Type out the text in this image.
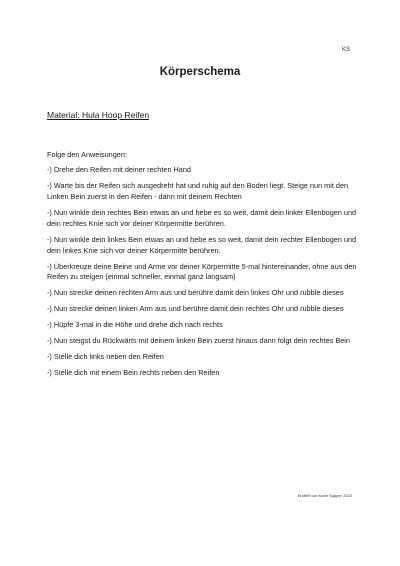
KS
Körperschema

Material: Hula Hoop Reifen

Folge den Anweisungen:

-) Drehe den Reifen mit deiner rechten Hand

-) Warte bis der Reifen sich ausgedreht hat und ruhig auf den Boden liegt. Steige nun mit den Linken Bein zuerst in den Reifen - dann mit deinem Rechten

-) Nun winkle dein rechtes Bein etwas an und hebe es so weit, damit dein linker Ellenbogen und dein rechtes Knie sich vor deiner Körpermitte berühren.

-) Nun winkle dein linkes Bein etwas an und hebe es so weit, damit dein rechter Ellenbogen und dein linkes Knie sich vor deiner Körpermitte berühren.

-) Überkreuze deine Beine und Arme vor deiner Körpermitte 5-mal hintereinander, ohne aus den Reifen zu steigen (einmal schneller, einmal ganz langsam)

-) Nun strecke deinen rechten Arm aus und berühre damit dein linkes Ohr und rubble dieses

-) Nun strecke deinen linken Arm aus und berühre damit dein rechtes Ohr und rubble dieses

-) Hüpfe 3-mal in die Höhe und drehe dich nach rechts

-) Nun steigst du Rückwärts mit deinem linken Bein zuerst hinaus dann folgt dein rechtes Bein

-) Stelle dich links neben den Reifen

-) Stelle dich mit einem Bein rechts neben den Reifen

Erstellt von Karin Supper 2022
